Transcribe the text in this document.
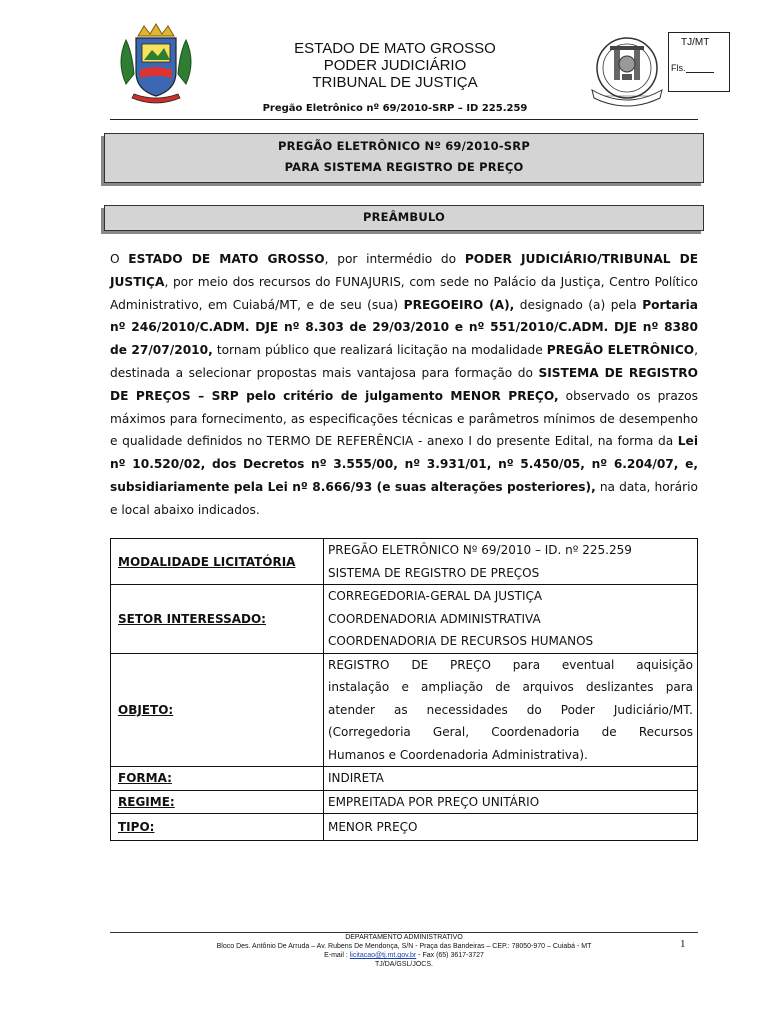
ESTADO DE MATO GROSSO
PODER JUDICIÁRIO
TRIBUNAL DE JUSTIÇA
TJ/MT
Fls.
Pregão Eletrônico nº 69/2010-SRP – ID 225.259
PREGÃO ELETRÔNICO Nº 69/2010-SRP
PARA SISTEMA REGISTRO DE PREÇO
PREÂMBULO
O ESTADO DE MATO GROSSO, por intermédio do PODER JUDICIÁRIO/TRIBUNAL DE JUSTIÇA, por meio dos recursos do FUNAJURIS, com sede no Palácio da Justiça, Centro Político Administrativo, em Cuiabá/MT, e de seu (sua) PREGOEIRO (A), designado (a) pela Portaria nº 246/2010/C.ADM. DJE nº 8.303 de 29/03/2010 e nº 551/2010/C.ADM. DJE nº 8380 de 27/07/2010, tornam público que realizará licitação na modalidade PREGÃO ELETRÔNICO, destinada a selecionar propostas mais vantajosa para formação do SISTEMA DE REGISTRO DE PREÇOS – SRP pelo critério de julgamento MENOR PREÇO, observado os prazos máximos para fornecimento, as especificações técnicas e parâmetros mínimos de desempenho e qualidade definidos no TERMO DE REFERÊNCIA - anexo I do presente Edital, na forma da Lei nº 10.520/02, dos Decretos nº 3.555/00, nº 3.931/01, nº 5.450/05, nº 6.204/07, e, subsidiariamente pela Lei nº 8.666/93 (e suas alterações posteriores), na data, horário e local abaixo indicados.
MODALIDADE LICITATÓRIA	PREGÃO ELETRÔNICO Nº 69/2010 – ID. nº 225.259
SISTEMA DE REGISTRO DE PREÇOS

SETOR INTERESSADO:	CORREGEDORIA-GERAL DA JUSTIÇA
COORDENADORIA ADMINISTRATIVA
COORDENADORIA DE RECURSOS HUMANOS

OBJETO:	REGISTRO DE PREÇO para eventual aquisição
instalação e ampliação de arquivos deslizantes para
atender as necessidades do Poder Judiciário/MT.
(Corregedoria Geral, Coordenadoria de Recursos
Humanos e Coordenadoria Administrativa).

FORMA:	INDIRETA

REGIME:	EMPREITADA POR PREÇO UNITÁRIO

TIPO:	MENOR PREÇO
DEPARTAMENTO ADMINISTRATIVO
Bloco Des. Antônio De Arruda – Av. Rubens De Mendonça, S/N - Praça das Bandeiras – CEP.: 78050-970 – Cuiabá - MT
E-mail : licitacao@tj.mt.gov.br - Fax (65) 3617-3727
TJ/DA/GSL/JOCS.
1
